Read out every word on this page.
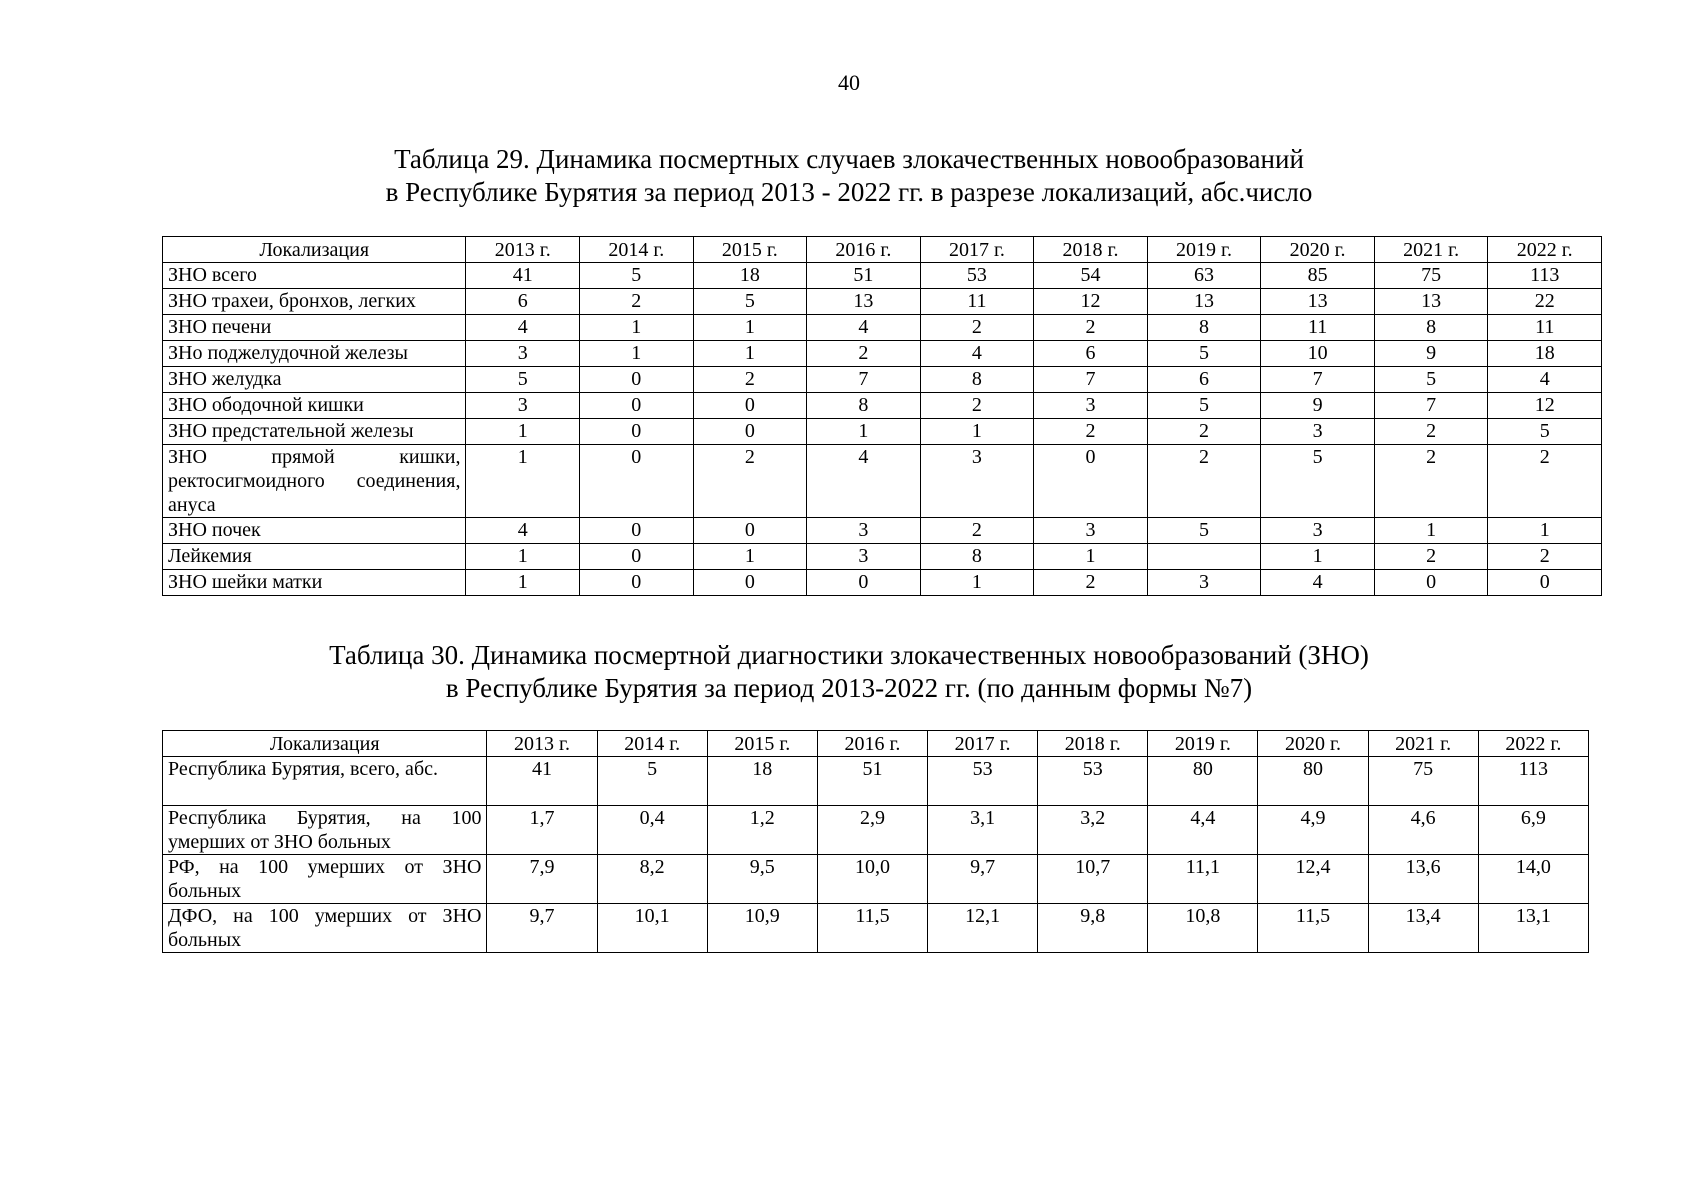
40
Таблица 29. Динамика посмертных случаев злокачественных новообразований
в Республике Бурятия за период 2013 - 2022 гг. в разрезе локализаций, абс.число
Локализация	2013 г.	2014 г.	2015 г.	2016 г.	2017 г.	2018 г.	2019 г.	2020 г.	2021 г.	2022 г.
ЗНО всего	41	5	18	51	53	54	63	85	75	113
ЗНО трахеи, бронхов, легких	6	2	5	13	11	12	13	13	13	22
ЗНО печени	4	1	1	4	2	2	8	11	8	11
ЗНо поджелудочной железы	3	1	1	2	4	6	5	10	9	18
ЗНО желудка	5	0	2	7	8	7	6	7	5	4
ЗНО ободочной кишки	3	0	0	8	2	3	5	9	7	12
ЗНО предстательной железы	1	0	0	1	1	2	2	3	2	5
ЗНО прямой кишки, ректосигмоидного соединения, ануса	1	0	2	4	3	0	2	5	2	2
ЗНО почек	4	0	0	3	2	3	5	3	1	1
Лейкемия	1	0	1	3	8	1		1	2	2
ЗНО шейки матки	1	0	0	0	1	2	3	4	0	0
Таблица 30. Динамика посмертной диагностики злокачественных новообразований (ЗНО)
в Республике Бурятия за период 2013-2022 гг. (по данным формы №7)
Локализация	2013 г.	2014 г.	2015 г.	2016 г.	2017 г.	2018 г.	2019 г.	2020 г.	2021 г.	2022 г.
Республика Бурятия, всего, абс.	41	5	18	51	53	53	80	80	75	113
Республика Бурятия, на 100 умерших от ЗНО больных	1,7	0,4	1,2	2,9	3,1	3,2	4,4	4,9	4,6	6,9
РФ, на 100 умерших от ЗНО больных	7,9	8,2	9,5	10,0	9,7	10,7	11,1	12,4	13,6	14,0
ДФО, на 100 умерших от ЗНО больных	9,7	10,1	10,9	11,5	12,1	9,8	10,8	11,5	13,4	13,1
